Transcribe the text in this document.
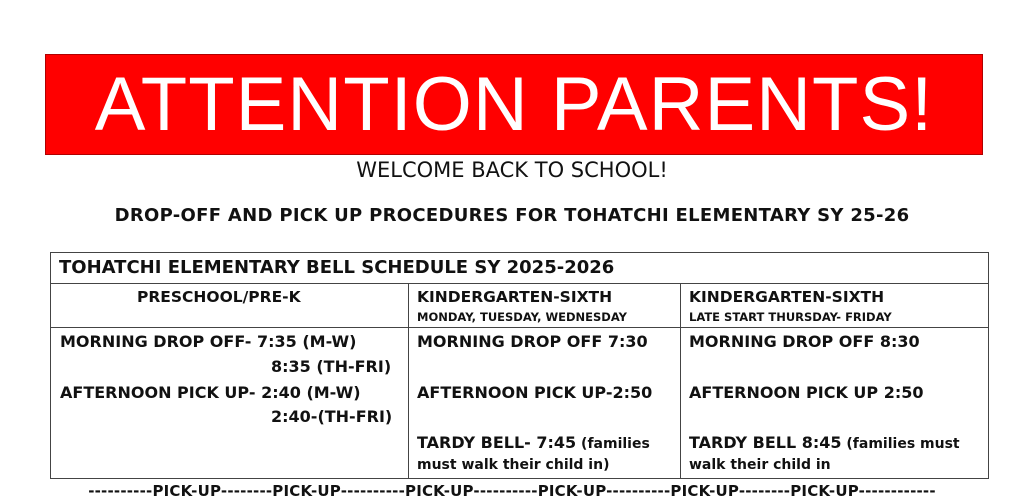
ATTENTION PARENTS!
WELCOME BACK TO SCHOOL!
DROP-OFF AND PICK UP PROCEDURES FOR TOHATCHI ELEMENTARY SY 25-26
TOHATCHI ELEMENTARY BELL SCHEDULE SY 2025-2026
PRESCHOOL/PRE-K
MORNING DROP OFF- 7:35 (M-W)
8:35 (TH-FRI)
AFTERNOON PICK UP- 2:40 (M-W)
2:40-(TH-FRI)
KINDERGARTEN-SIXTH
MONDAY, TUESDAY, WEDNESDAY
MORNING DROP OFF 7:30
AFTERNOON PICK UP-2:50
TARDY BELL- 7:45 (families
must walk their child in)
KINDERGARTEN-SIXTH
LATE START THURSDAY- FRIDAY
MORNING DROP OFF 8:30
AFTERNOON PICK UP 2:50
TARDY BELL 8:45 (families must
walk their child in
----------PICK-UP--------PICK-UP----------PICK-UP----------PICK-UP----------PICK-UP--------PICK-UP------------
